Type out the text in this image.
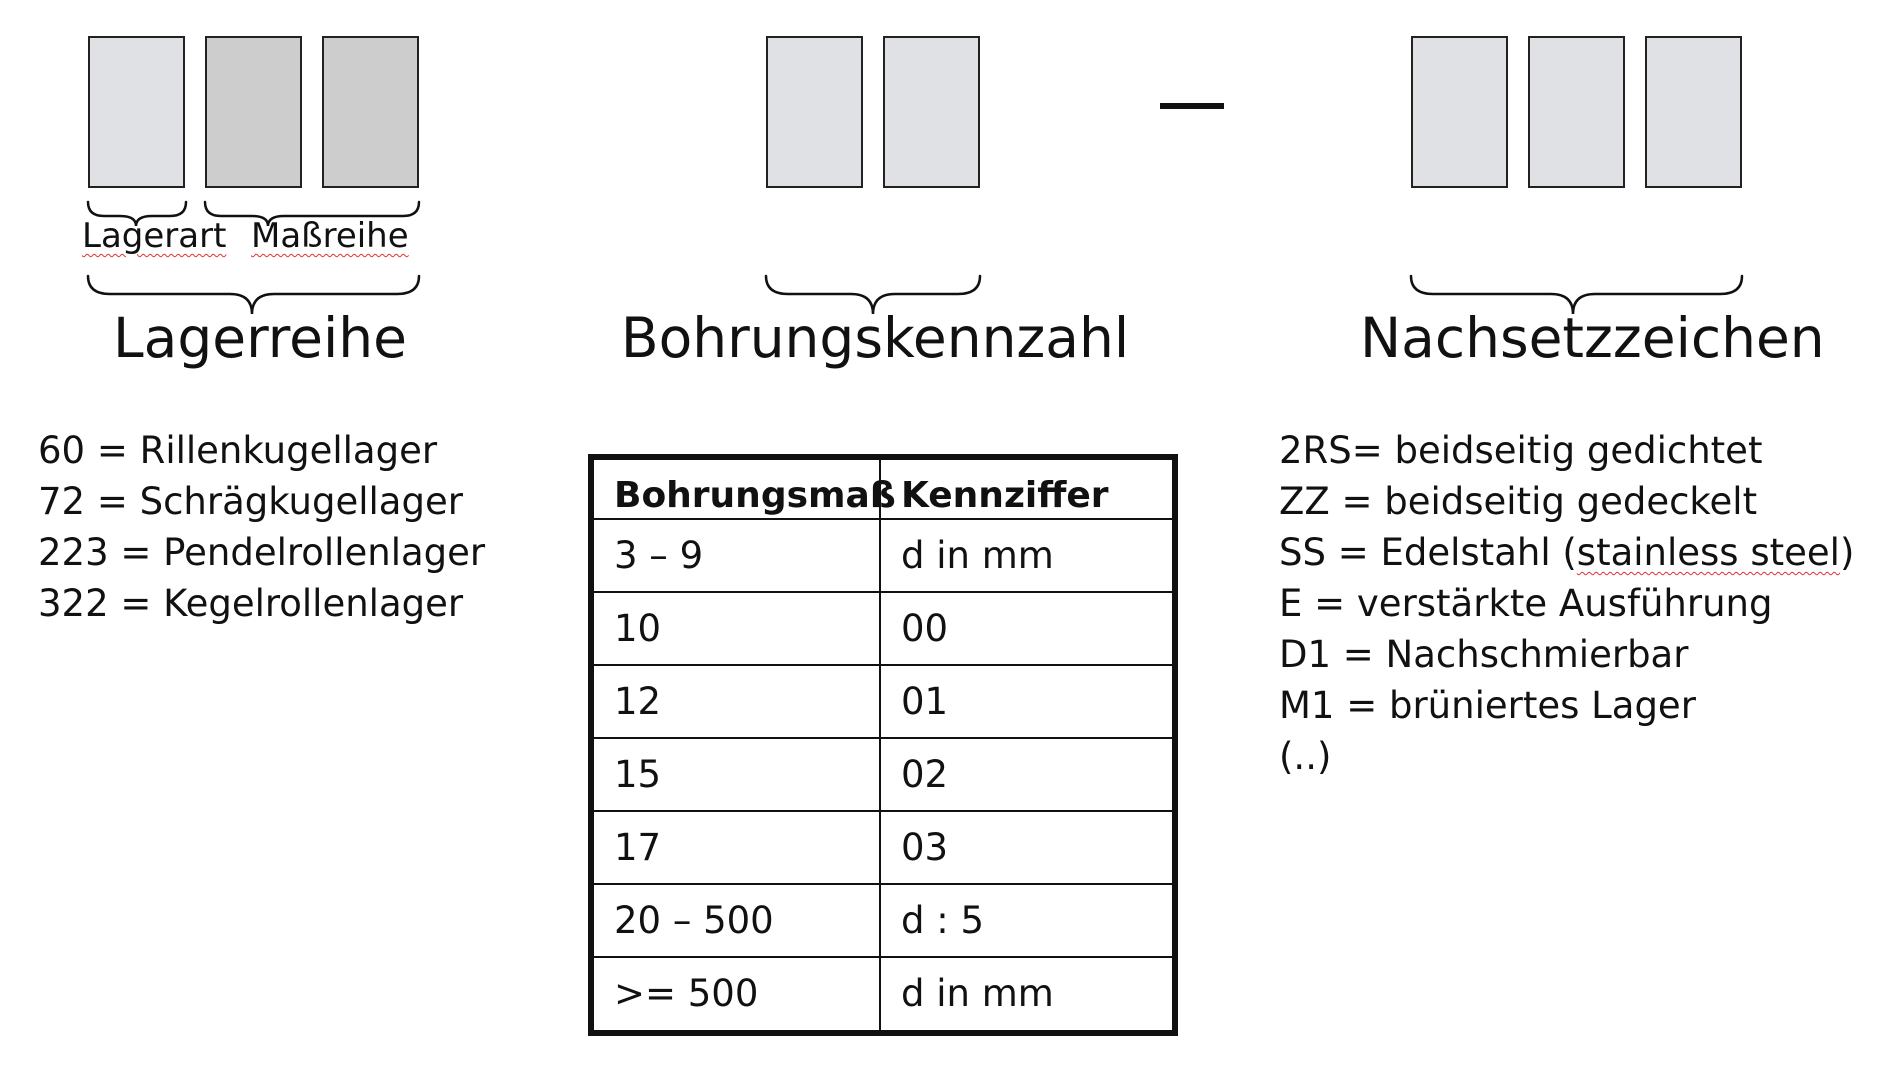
Lagerart Maßreihe
Lagerreihe	Bohrungskennzahl	Nachsetzzeichen
60 = Rillenkugellager
72 = Schrägkugellager
223 = Pendelrollenlager
322 = Kegelrollenlager
Bohrungsmaß	Kennziffer
3 – 9	d in mm
10	00
12	01
15	02
17	03
20 – 500	d : 5
>= 500	d in mm
2RS= beidseitig gedichtet
ZZ = beidseitig gedeckelt
SS = Edelstahl (stainless steel)
E = verstärkte Ausführung
D1 = Nachschmierbar
M1 = brüniertes Lager
(..)
